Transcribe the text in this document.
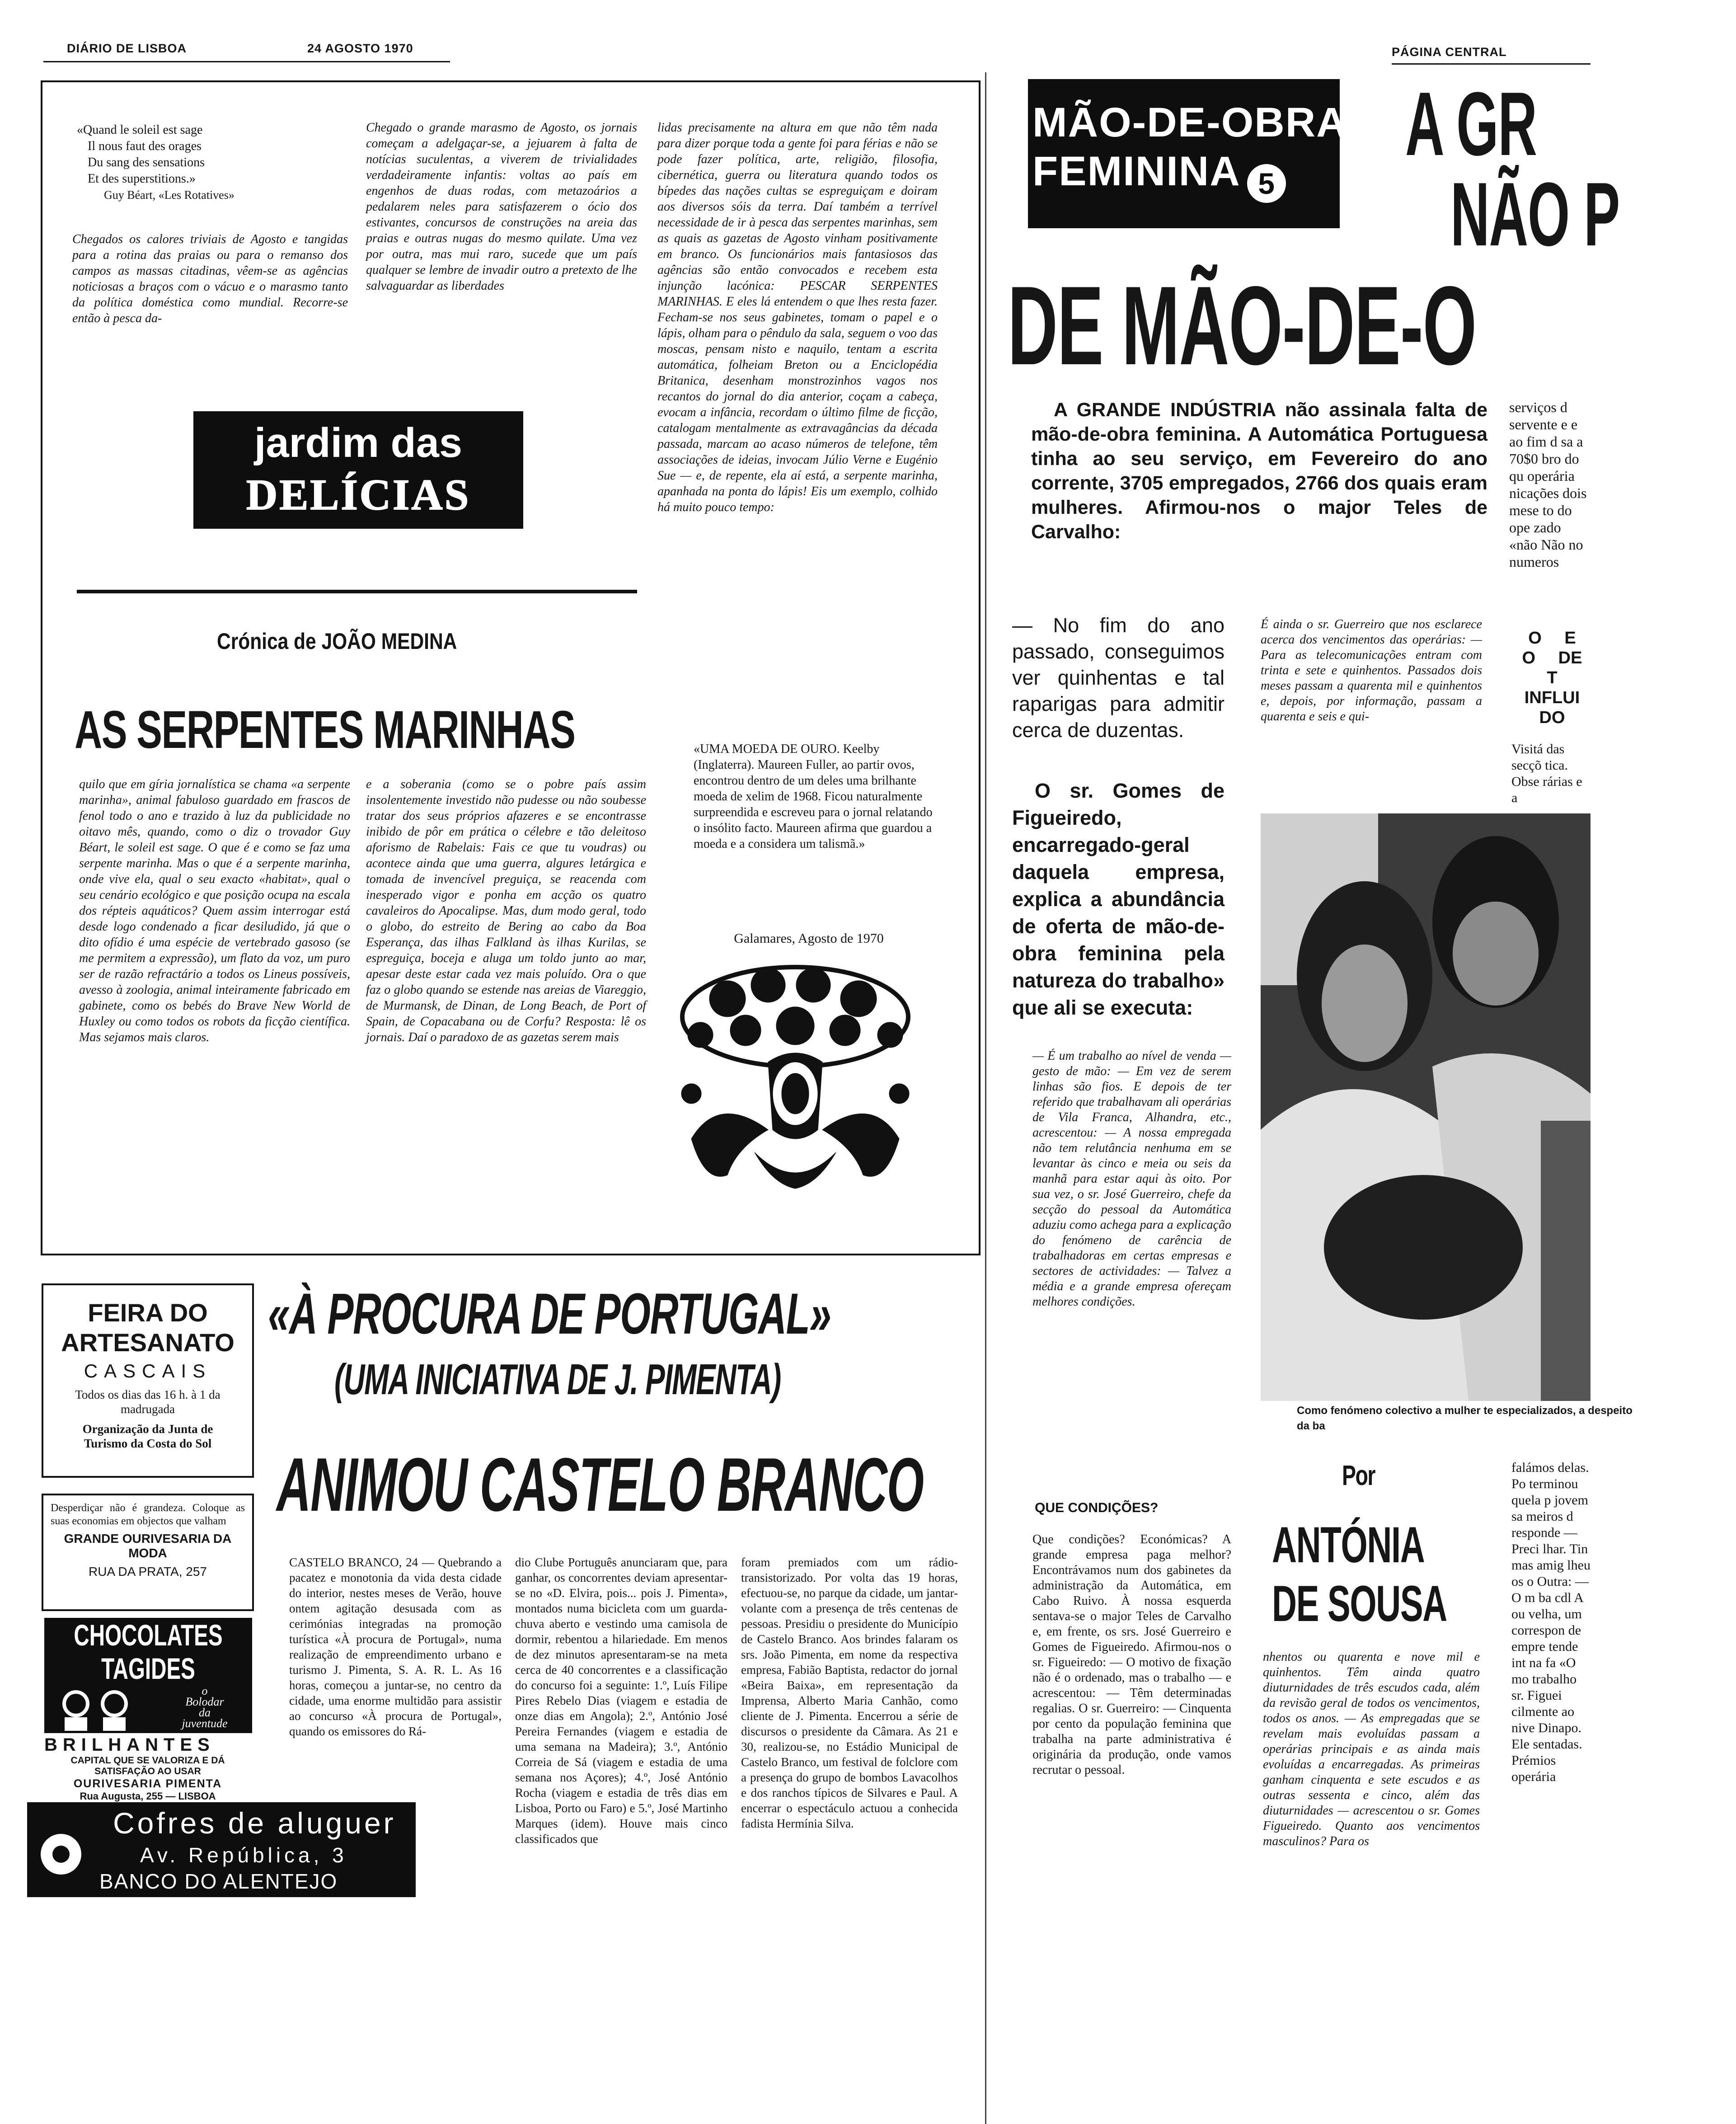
DIÁRIO DE LISBOA	24 AGOSTO 1970	PÁGINA CENTRAL
«Quand le soleil est sage
Il nous faut des orages
Du sang des sensations
Et des superstitions.»
Guy Béart, «Les Rotatives»
Chegados os calores triviais de Agosto e tangidas para a rotina das praias ou para o remanso dos campos as massas citadinas, vêem-se as agências noticiosas a braços com o vácuo e o marasmo tanto da política doméstica como mundial. Recorre-se então à pesca da-
Chegado o grande marasmo de Agosto, os jornais começam a adelgaçar-se, a jejuarem à falta de notícias suculentas, a viverem de trivialidades verdadeiramente infantis: voltas ao país em engenhos de duas rodas, com metazoários a pedalarem neles para satisfazerem o ócio dos estivantes, concursos de construções na areia das praias e outras nugas do mesmo quilate. Uma vez por outra, mas mui raro, sucede que um país qualquer se lembre de invadir outro a pretexto de lhe salvaguardar as liberdades
lidas precisamente na altura em que não têm nada para dizer porque toda a gente foi para férias e não se pode fazer política, arte, religião, filosofia, cibernética, guerra ou literatura quando todos os bípedes das nações cultas se espreguiçam e doiram aos diversos sóis da terra. Daí também a terrível necessidade de ir à pesca das serpentes marinhas, sem as quais as gazetas de Agosto vinham positivamente em branco. Os funcionários mais fantasiosos das agências são então convocados e recebem esta injunção lacónica: PESCAR SERPENTES MARINHAS. E eles lá entendem o que lhes resta fazer. Fecham-se nos seus gabinetes, tomam o papel e o lápis, olham para o pêndulo da sala, seguem o voo das moscas, pensam nisto e naquilo, tentam a escrita automática, folheiam Breton ou a Enciclopédia Britanica, desenham monstrozinhos vagos nos recantos do jornal do dia anterior, coçam a cabeça, evocam a infância, recordam o último filme de ficção, catalogam mentalmente as extravagâncias da década passada, marcam ao acaso números de telefone, têm associações de ideias, invocam Júlio Verne e Eugénio Sue — e, de repente, ela aí está, a serpente marinha, apanhada na ponta do lápis! Eis um exemplo, colhido há muito pouco tempo:
«UMA MOEDA DE OURO. Keelby (Inglaterra). Maureen Fuller, ao partir ovos, encontrou dentro de um deles uma brilhante moeda de xelim de 1968. Ficou naturalmente surpreendida e escreveu para o jornal relatando o insólito facto. Maureen afirma que guardou a moeda e a considera um talismã.»
Galamares, Agosto de 1970
jardim das
DELÍCIAS
Crónica de JOÃO MEDINA
AS SERPENTES MARINHAS
quilo que em gíria jornalística se chama «a serpente marinha», animal fabuloso guardado em frascos de fenol todo o ano e trazido à luz da publicidade no oitavo mês, quando, como o diz o trovador Guy Béart, le soleil est sage. O que é e como se faz uma serpente marinha. Mas o que é a serpente marinha, onde vive ela, qual o seu exacto «habitat», qual o seu cenário ecológico e que posição ocupa na escala dos répteis aquáticos? Quem assim interrogar está desde logo condenado a ficar desiludido, já que o dito ofídio é uma espécie de vertebrado gasoso (se me permitem a expressão), um flato da voz, um puro ser de razão refractário a todos os Lineus possíveis, avesso à zoologia, animal inteiramente fabricado em gabinete, como os bebés do Brave New World de Huxley ou como todos os robots da ficção científica. Mas sejamos mais claros.
e a soberania (como se o pobre país assim insolentemente investido não pudesse ou não soubesse tratar dos seus próprios afazeres e se encontrasse inibido de pôr em prática o célebre e tão deleitoso aforismo de Rabelais: Fais ce que tu voudras) ou acontece ainda que uma guerra, algures letárgica e tomada de invencível preguiça, se reacenda com inesperado vigor e ponha em acção os quatro cavaleiros do Apocalipse. Mas, dum modo geral, todo o globo, do estreito de Bering ao cabo da Boa Esperança, das ilhas Falkland às ilhas Kurilas, se espreguiça, boceja e aluga um toldo junto ao mar, apesar deste estar cada vez mais poluído. Ora o que faz o globo quando se estende nas areias de Viareggio, de Murmansk, de Dinan, de Long Beach, de Port of Spain, de Copacabana ou de Corfu? Resposta: lê os jornais. Daí o paradoxo de as gazetas serem mais
FEIRA DO
ARTESANATO
CASCAIS
Todos os dias das 16 h. à 1 da madrugada
Organização da Junta de Turismo da Costa do Sol
Desperdiçar não é grandeza. Coloque as suas economias em objectos que valham
GRANDE OURIVESARIA DA MODA
RUA DA PRATA, 257
CHOCOLATES
TAGIDES
o
Bolodar
da
juventude
BRILHANTES
CAPITAL QUE SE VALORIZA E DÁ SATISFAÇÃO AO USAR
OURIVESARIA PIMENTA
Rua Augusta, 255 — LISBOA
Cofres de aluguer
Av. República, 3
BANCO DO ALENTEJO
«À PROCURA DE PORTUGAL»
(UMA INICIATIVA DE J. PIMENTA)
ANIMOU CASTELO BRANCO
CASTELO BRANCO, 24 — Quebrando a pacatez e monotonia da vida desta cidade do interior, nestes meses de Verão, houve ontem agitação desusada com as cerimónias integradas na promoção turística «À procura de Portugal», numa realização de empreendimento urbano e turismo J. Pimenta, S. A. R. L. As 16 horas, começou a juntar-se, no centro da cidade, uma enorme multidão para assistir ao concurso «À procura de Portugal», quando os emissores do Rá-
dio Clube Português anunciaram que, para ganhar, os concorrentes deviam apresentar-se no «D. Elvira, pois... pois J. Pimenta», montados numa bicicleta com um guarda-chuva aberto e vestindo uma camisola de dormir, rebentou a hilariedade. Em menos de dez minutos apresentaram-se na meta cerca de 40 concorrentes e a classificação do concurso foi a seguinte: 1.º, Luís Filipe Pires Rebelo Dias (viagem e estadia de onze dias em Angola); 2.º, António José Pereira Fernandes (viagem e estadia de uma semana na Madeira); 3.º, António Correia de Sá (viagem e estadia de uma semana nos Açores); 4.º, José António Rocha (viagem e estadia de três dias em Lisboa, Porto ou Faro) e 5.º, José Martinho Marques (idem). Houve mais cinco classificados que
foram premiados com um rádio-transistorizado. Por volta das 19 horas, efectuou-se, no parque da cidade, um jantar-volante com a presença de três centenas de pessoas. Presidiu o presidente do Município de Castelo Branco. Aos brindes falaram os srs. João Pimenta, em nome da respectiva empresa, Fabião Baptista, redactor do jornal «Beira Baixa», em representação da Imprensa, Alberto Maria Canhão, como cliente de J. Pimenta. Encerrou a série de discursos o presidente da Câmara. As 21 e 30, realizou-se, no Estádio Municipal de Castelo Branco, um festival de folclore com a presença do grupo de bombos Lavacolhos e dos ranchos típicos de Silvares e Paul. A encerrar o espectáculo actuou a conhecida fadista Hermínia Silva.
MÃO-DE-OBRA
FEMININA 5
A GR
NÃO P
DE MÃO-DE-O
A GRANDE INDÚSTRIA não assinala falta de mão-de-obra feminina. A Automática Portuguesa tinha ao seu serviço, em Fevereiro do ano corrente, 3705 empregados, 2766 dos quais eram mulheres. Afirmou-nos o major Teles de Carvalho:
serviços d servente e e ao fim d sa a 70$0 bro do qu operária nicações dois mese to do ope zado «não Não no numeros
— No fim do ano passado, conseguimos ver quinhentas e tal raparigas para admitir cerca de duzentas.
O sr. Gomes de Figueiredo, encarregado-geral daquela empresa, explica a abundância de oferta de mão-de-obra feminina pela natureza do trabalho» que ali se executa:
— É um trabalho ao nível de venda — gesto de mão: — Em vez de serem linhas são fios. E depois de ter referido que trabalhavam ali operárias de Vila Franca, Alhandra, etc., acrescentou: — A nossa empregada não tem relutância nenhuma em se levantar às cinco e meia ou seis da manhã para estar aqui às oito. Por sua vez, o sr. José Guerreiro, chefe da secção do pessoal da Automática aduziu como achega para a explicação do fenómeno de carência de trabalhadoras em certas empresas e sectores de actividades: — Talvez a média e a grande empresa ofereçam melhores condições.
QUE CONDIÇÕES?
Que condições? Económicas? A grande empresa paga melhor? Encontrávamos num dos gabinetes da administração da Automática, em Cabo Ruivo. À nossa esquerda sentava-se o major Teles de Carvalho e, em frente, os srs. José Guerreiro e Gomes de Figueiredo. Afirmou-nos o sr. Figueiredo: — O motivo de fixação não é o ordenado, mas o trabalho — e acrescentou: — Têm determinadas regalias. O sr. Guerreiro: — Cinquenta por cento da população feminina que trabalha na parte administrativa é originária da produção, onde vamos recrutar o pessoal.
É ainda o sr. Guerreiro que nos esclarece acerca dos vencimentos das operárias: — Para as telecomunicações entram com trinta e sete e quinhentos. Passados dois meses passam a quarenta mil e quinhentos e, depois, por informação, passam a quarenta e seis e qui-
O E O DE T INFLUI DO
Visitá das secçõ tica. Obse rárias e a
Como fenómeno colectivo a mulher te especializados, a despeito da ba
Por
ANTÓNIA
DE SOUSA
nhentos ou quarenta e nove mil e quinhentos. Têm ainda quatro diuturnidades de três escudos cada, além da revisão geral de todos os vencimentos, todos os anos. — As empregadas que se revelam mais evoluídas passam a operárias principais e as ainda mais evoluídas a encarregadas. As primeiras ganham cinquenta e sete escudos e as outras sessenta e cinco, além das diuturnidades — acrescentou o sr. Gomes Figueiredo. Quanto aos vencimentos masculinos? Para os
falámos delas. Po terminou quela p jovem sa meiros d responde — Preci lhar. Tin mas amig lheu os o Outra: — O m ba cdl A ou velha, um correspon de empre tende int na fa «O mo trabalho sr. Figuei cilmente ao nive Dinapo. Ele sentadas. Prémios operária
